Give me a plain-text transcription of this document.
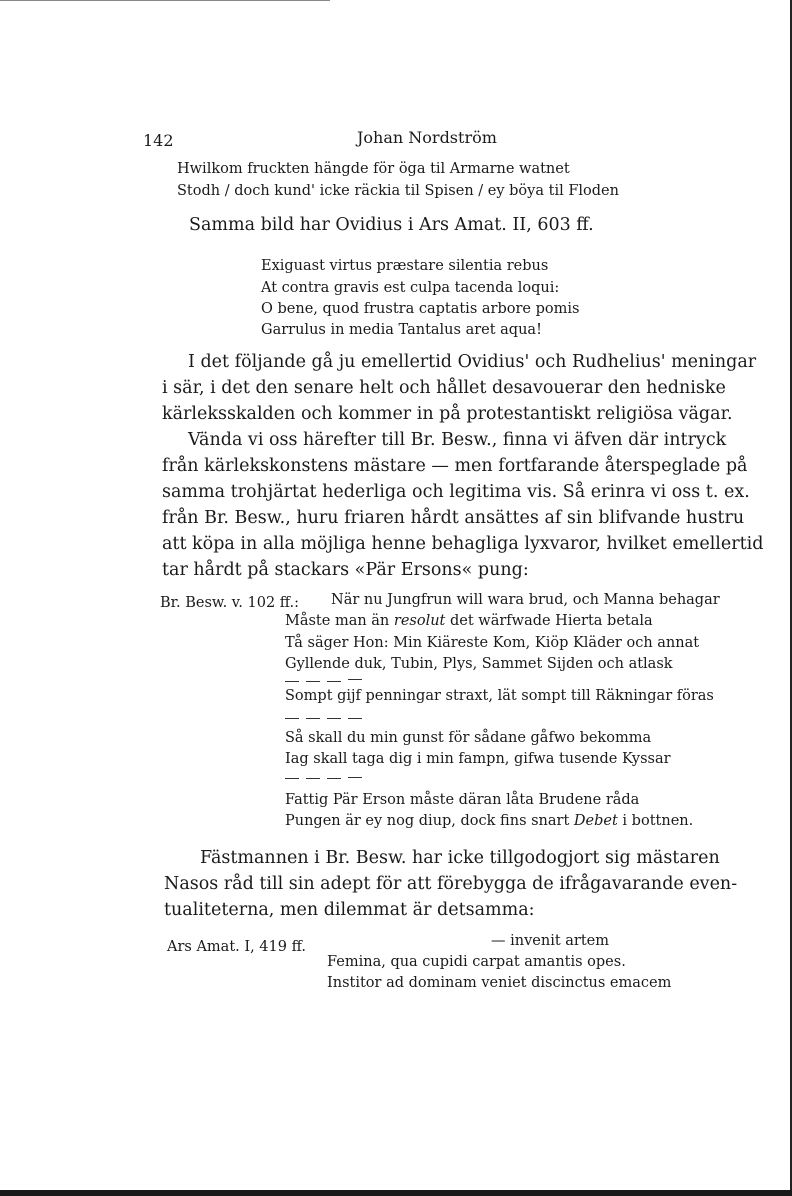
142	Johan Nordström
Hwilkom fruckten hängde för öga til Armarne watnet
Stodh / doch kund' icke räckia til Spisen / ey böya til Floden
Samma bild har Ovidius i Ars Amat. II, 603 ff.
Exiguast virtus præstare silentia rebus
At contra gravis est culpa tacenda loqui:
O bene, quod frustra captatis arbore pomis
Garrulus in media Tantalus aret aqua!
I det följande gå ju emellertid Ovidius' och Rudhelius' meningar
i sär, i det den senare helt och hållet desavouerar den hedniske
kärleksskalden och kommer in på protestantiskt religiösa vägar.
Vända vi oss härefter till Br. Besw., finna vi äfven där intryck
från kärlekskonstens mästare — men fortfarande återspeglade på
samma trohjärtat hederliga och legitima vis. Så erinra vi oss t. ex.
från Br. Besw., huru friaren hårdt ansättes af sin blifvande hustru
att köpa in alla möjliga henne behagliga lyxvaror, hvilket emellertid
tar hårdt på stackars «Pär Ersons« pung:
Br. Besw. v. 102 ff.: När nu Jungfrun will wara brud, och Manna behagar
Måste man än resolut det wärfwade Hierta betala
Tå säger Hon: Min Kiäreste Kom, Kiöp Kläder och annat
Gyllende duk, Tubin, Plys, Sammet Sijden och atlask
Sompt gijf penningar straxt, lät sompt till Räkningar föras
Så skall du min gunst för sådane gåfwo bekomma
Iag skall taga dig i min fampn, gifwa tusende Kyssar
Fattig Pär Erson måste däran låta Brudene råda
Pungen är ey nog diup, dock fins snart Debet i bottnen.
Fästmannen i Br. Besw. har icke tillgodogjort sig mästaren
Nasos råd till sin adept för att förebygga de ifrågavarande even-
tualiteterna, men dilemmat är detsamma:
Ars Amat. I, 419 ff.	— invenit artem
Femina, qua cupidi carpat amantis opes.
Institor ad dominam veniet discinctus emacem
